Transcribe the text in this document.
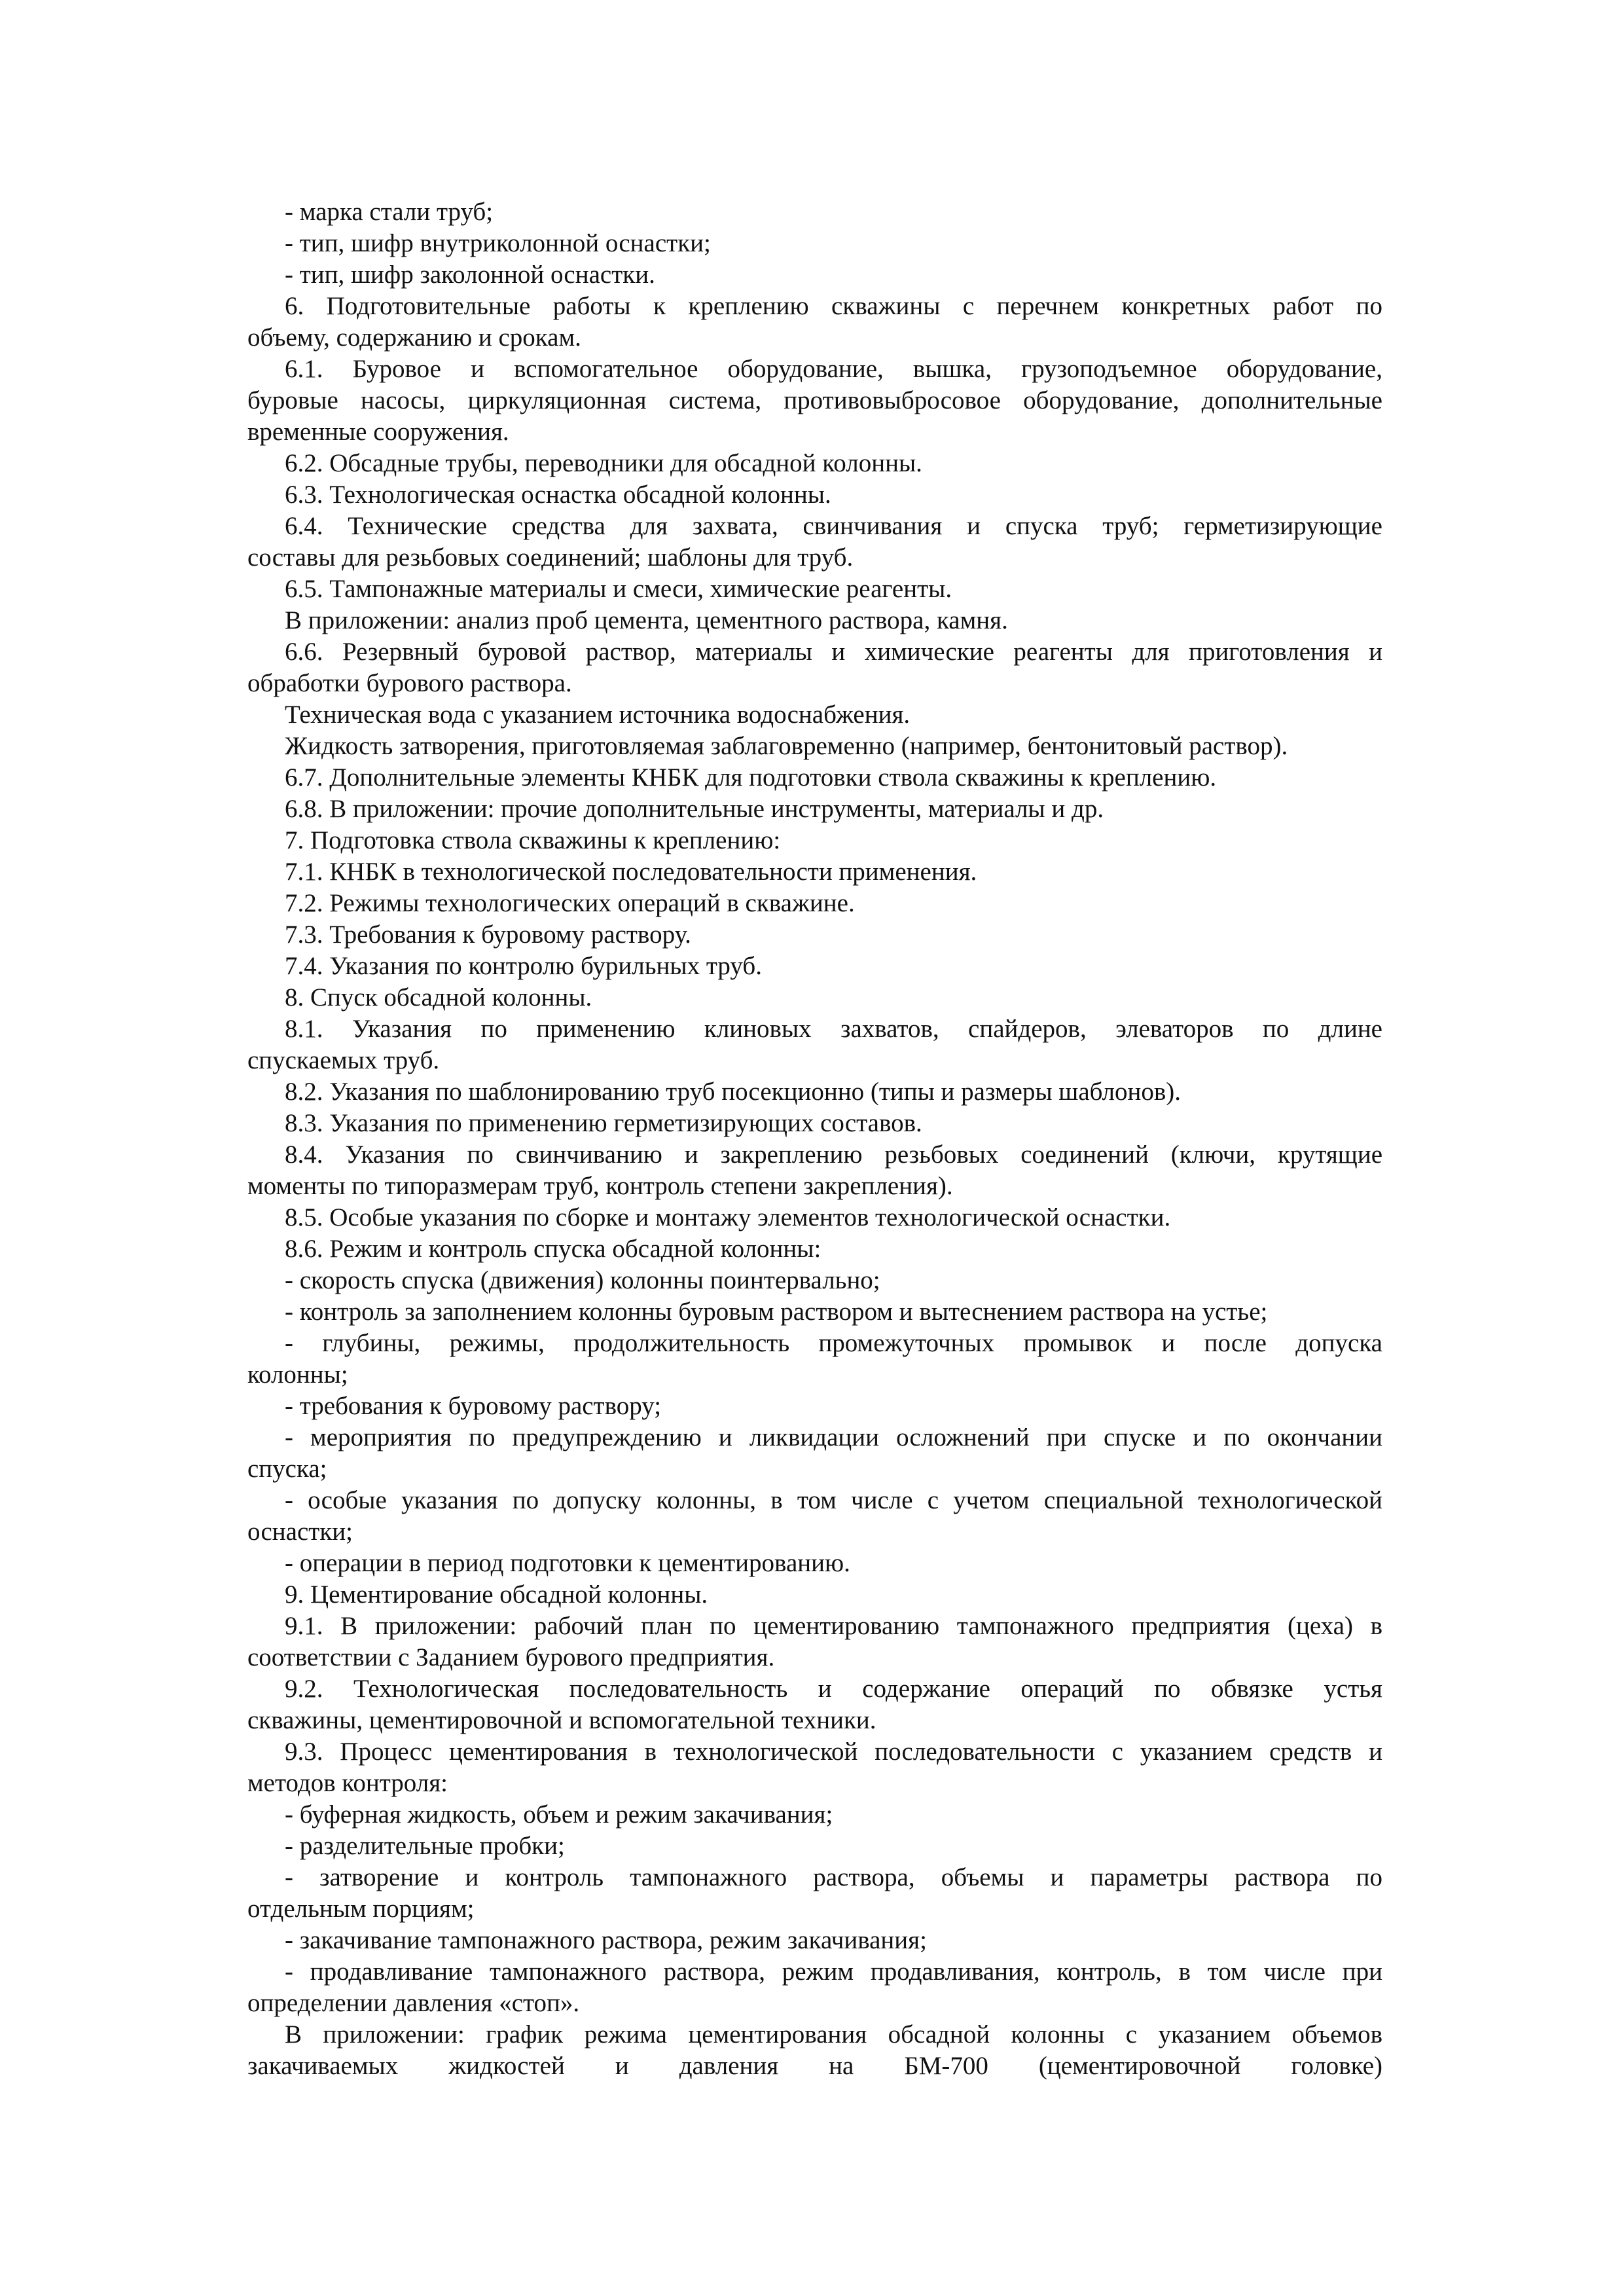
- марка стали труб;
- тип, шифр внутриколонной оснастки;
- тип, шифр заколонной оснастки.
6. Подготовительные работы к креплению скважины с перечнем конкретных работ по
объему, содержанию и срокам.
6.1. Буровое и вспомогательное оборудование, вышка, грузоподъемное оборудование,
буровые насосы, циркуляционная система, противовыбросовое оборудование, дополнительные
временные сооружения.
6.2. Обсадные трубы, переводники для обсадной колонны.
6.3. Технологическая оснастка обсадной колонны.
6.4. Технические средства для захвата, свинчивания и спуска труб; герметизирующие
составы для резьбовых соединений; шаблоны для труб.
6.5. Тампонажные материалы и смеси, химические реагенты.
В приложении: анализ проб цемента, цементного раствора, камня.
6.6. Резервный буровой раствор, материалы и химические реагенты для приготовления и
обработки бурового раствора.
Техническая вода с указанием источника водоснабжения.
Жидкость затворения, приготовляемая заблаговременно (например, бентонитовый раствор).
6.7. Дополнительные элементы КНБК для подготовки ствола скважины к креплению.
6.8. В приложении: прочие дополнительные инструменты, материалы и др.
7. Подготовка ствола скважины к креплению:
7.1. КНБК в технологической последовательности применения.
7.2. Режимы технологических операций в скважине.
7.3. Требования к буровому раствору.
7.4. Указания по контролю бурильных труб.
8. Спуск обсадной колонны.
8.1. Указания по применению клиновых захватов, спайдеров, элеваторов по длине
спускаемых труб.
8.2. Указания по шаблонированию труб посекционно (типы и размеры шаблонов).
8.3. Указания по применению герметизирующих составов.
8.4. Указания по свинчиванию и закреплению резьбовых соединений (ключи, крутящие
моменты по типоразмерам труб, контроль степени закрепления).
8.5. Особые указания по сборке и монтажу элементов технологической оснастки.
8.6. Режим и контроль спуска обсадной колонны:
- скорость спуска (движения) колонны поинтервально;
- контроль за заполнением колонны буровым раствором и вытеснением раствора на устье;
- глубины, режимы, продолжительность промежуточных промывок и после допуска
колонны;
- требования к буровому раствору;
- мероприятия по предупреждению и ликвидации осложнений при спуске и по окончании
спуска;
- особые указания по допуску колонны, в том числе с учетом специальной технологической
оснастки;
- операции в период подготовки к цементированию.
9. Цементирование обсадной колонны.
9.1. В приложении: рабочий план по цементированию тампонажного предприятия (цеха) в
соответствии с Заданием бурового предприятия.
9.2. Технологическая последовательность и содержание операций по обвязке устья
скважины, цементировочной и вспомогательной техники.
9.3. Процесс цементирования в технологической последовательности с указанием средств и
методов контроля:
- буферная жидкость, объем и режим закачивания;
- разделительные пробки;
- затворение и контроль тампонажного раствора, объемы и параметры раствора по
отдельным порциям;
- закачивание тампонажного раствора, режим закачивания;
- продавливание тампонажного раствора, режим продавливания, контроль, в том числе при
определении давления «стоп».
В приложении: график режима цементирования обсадной колонны с указанием объемов
закачиваемых жидкостей и давления на БМ-700 (цементировочной головке)
